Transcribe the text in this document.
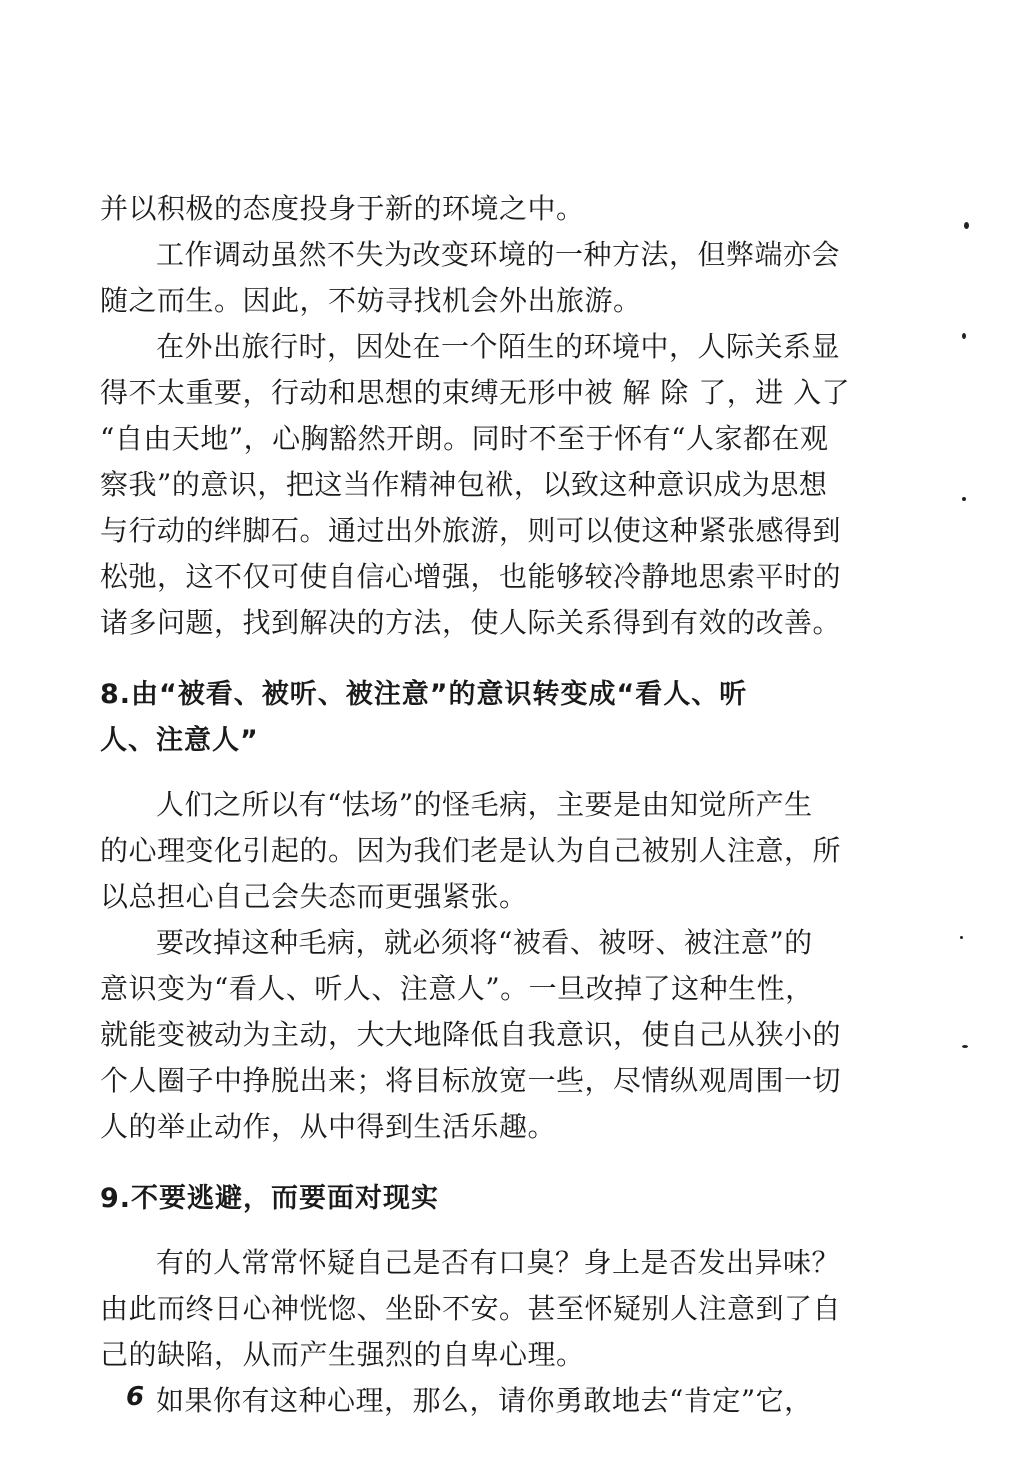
并以积极的态度投身于新的环境之中。
工作调动虽然不失为改变环境的一种方法，但弊端亦会
随之而生。因此，不妨寻找机会外出旅游。
在外出旅行时，因处在一个陌生的环境中，人际关系显
得不太重要，行动和思想的束缚无形中被 解 除 了，进 入了
“自由天地”，心胸豁然开朗。同时不至于怀有“人家都在观
察我”的意识，把这当作精神包袱，以致这种意识成为思想
与行动的绊脚石。通过出外旅游，则可以使这种紧张感得到
松弛，这不仅可使自信心增强，也能够较冷静地思索平时的
诸多问题，找到解决的方法，使人际关系得到有效的改善。
8.由“被看、被听、被注意”的意识转变成“看人、听
人、注意人”
人们之所以有“怯场”的怪毛病，主要是由知觉所产生
的心理变化引起的。因为我们老是认为自己被别人注意，所
以总担心自己会失态而更强紧张。
要改掉这种毛病，就必须将“被看、被呀、被注意”的
意识变为“看人、听人、注意人”。一旦改掉了这种生性，
就能变被动为主动，大大地降低自我意识，使自己从狭小的
个人圈子中挣脱出来；将目标放宽一些，尽情纵观周围一切
人的举止动作，从中得到生活乐趣。
9.不要逃避，而要面对现实
有的人常常怀疑自己是否有口臭？身上是否发出异味？
由此而终日心神恍惚、坐卧不安。甚至怀疑别人注意到了自
己的缺陷，从而产生强烈的自卑心理。
如果你有这种心理，那么，请你勇敢地去“肯定”它，
6
